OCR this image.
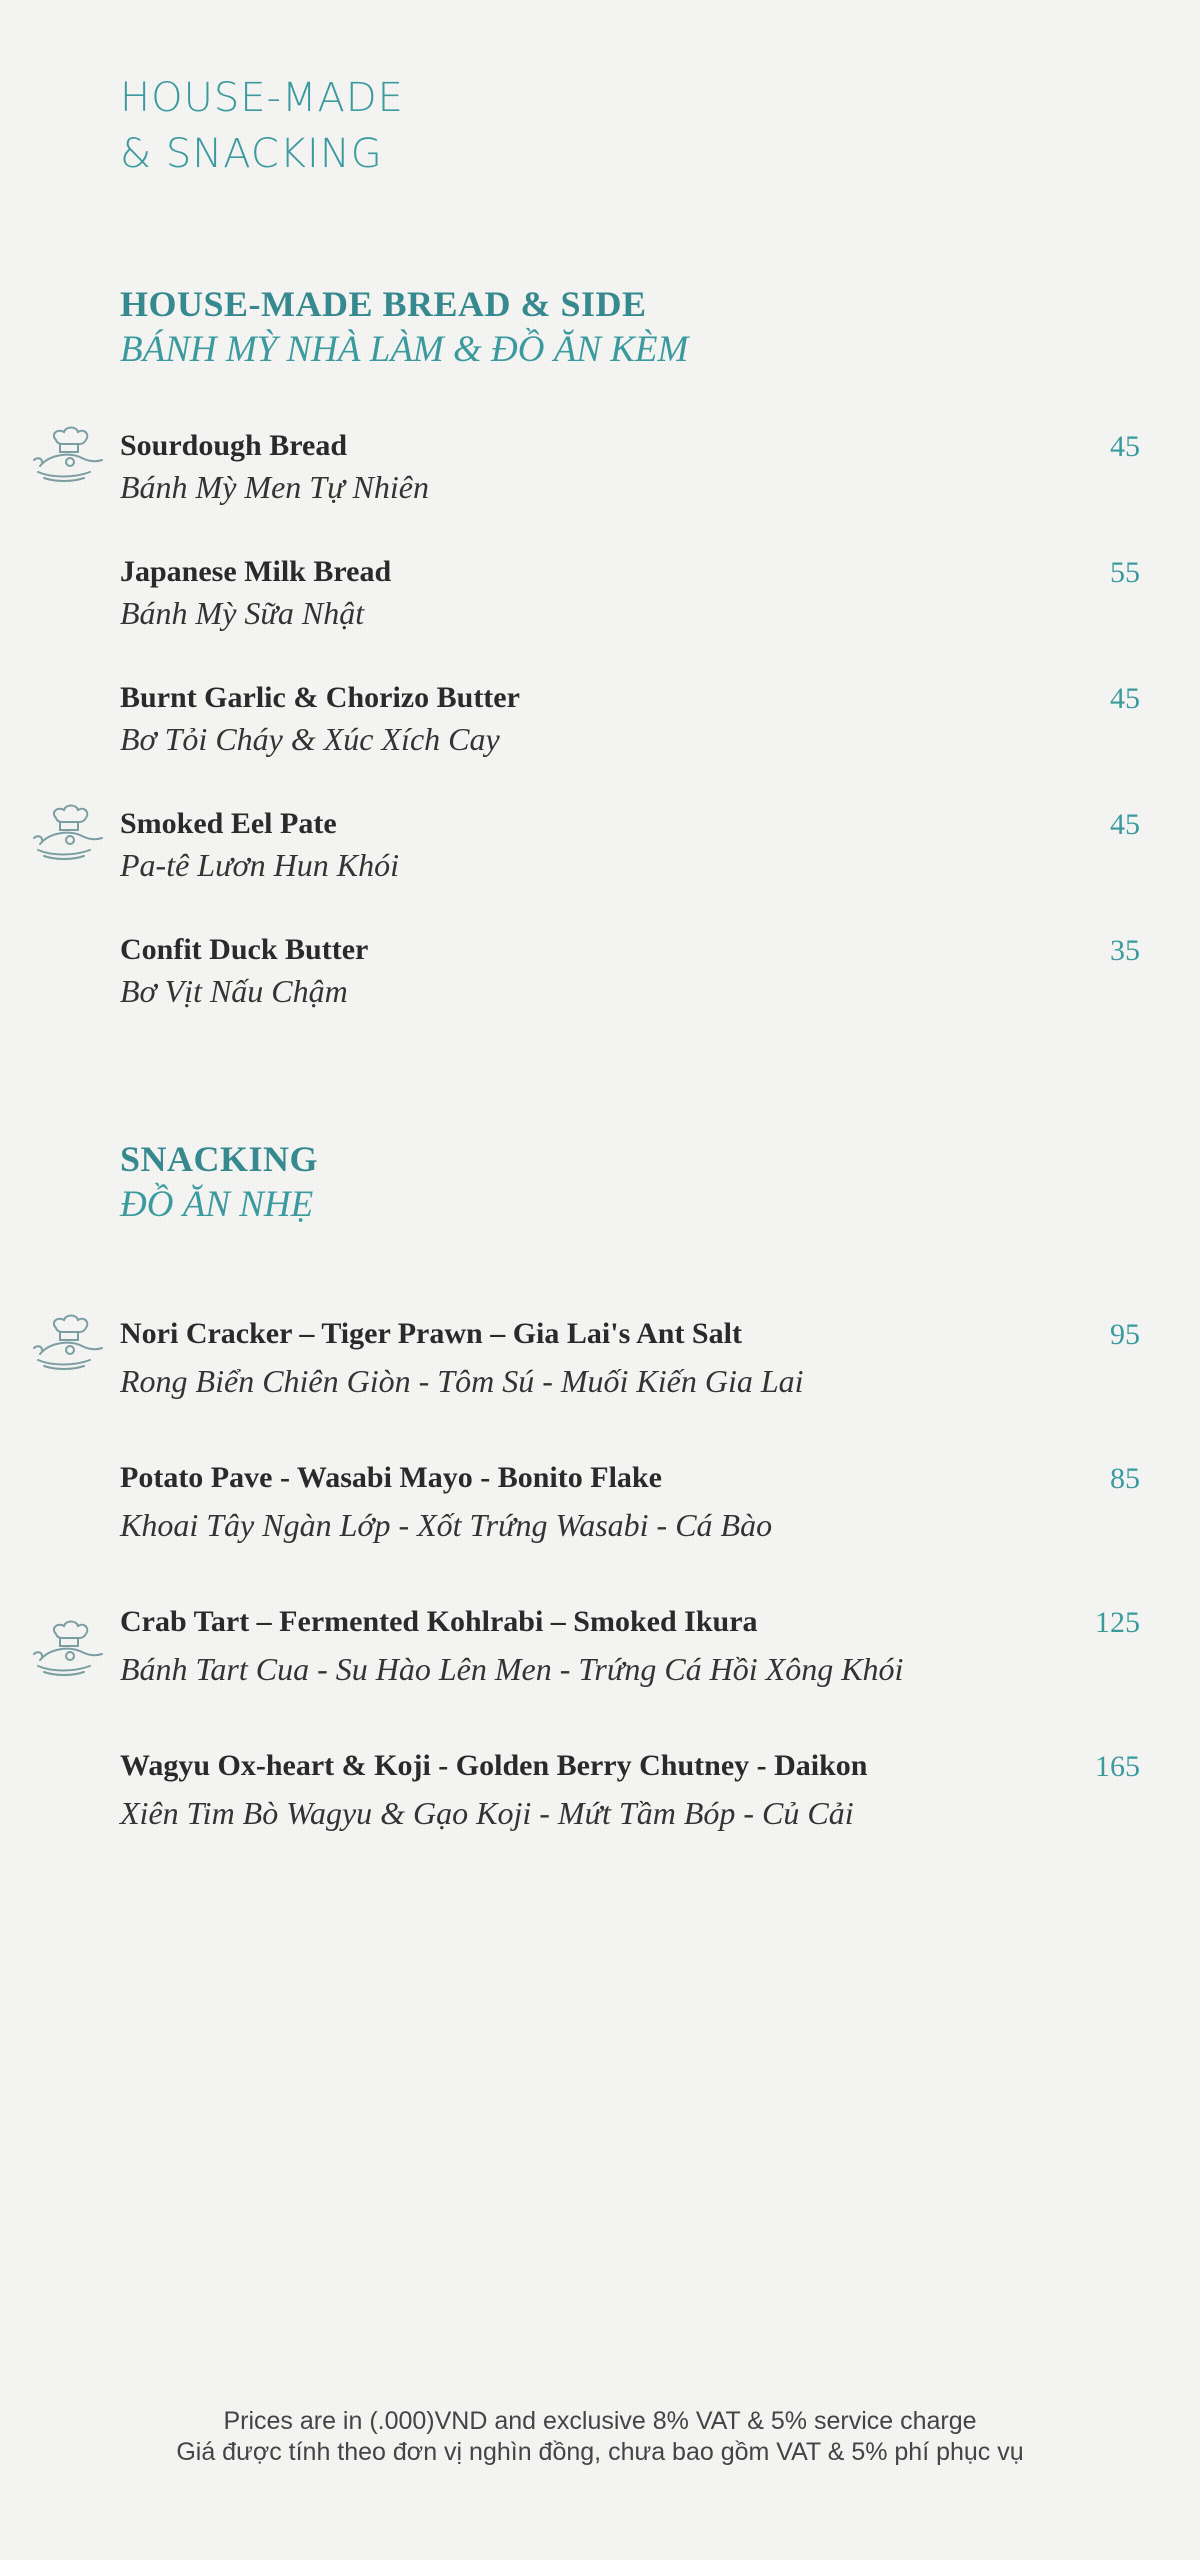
HOUSE-MADE
& SNACKING
HOUSE-MADE BREAD & SIDE
BÁNH MỲ NHÀ LÀM & ĐỒ ĂN KÈM
Sourdough Bread
Bánh Mỳ Men Tự Nhiên
45
Japanese Milk Bread
Bánh Mỳ Sữa Nhật
55
Burnt Garlic & Chorizo Butter
Bơ Tỏi Cháy & Xúc Xích Cay
45
Smoked Eel Pate
Pa-tê Lươn Hun Khói
45
Confit Duck Butter
Bơ Vịt Nấu Chậm
35
SNACKING
ĐỒ ĂN NHẸ
Nori Cracker – Tiger Prawn – Gia Lai's Ant Salt
Rong Biển Chiên Giòn - Tôm Sú - Muối Kiến Gia Lai
95
Potato Pave - Wasabi Mayo - Bonito Flake
Khoai Tây Ngàn Lớp - Xốt Trứng Wasabi - Cá Bào
85
Crab Tart – Fermented Kohlrabi – Smoked Ikura
Bánh Tart Cua - Su Hào Lên Men - Trứng Cá Hồi Xông Khói
125
Wagyu Ox-heart & Koji - Golden Berry Chutney - Daikon
Xiên Tim Bò Wagyu & Gạo Koji - Mứt Tầm Bóp - Củ Cải
165
Prices are in (.000)VND and exclusive 8% VAT & 5% service charge
Giá được tính theo đơn vị nghìn đồng, chưa bao gồm VAT & 5% phí phục vụ
